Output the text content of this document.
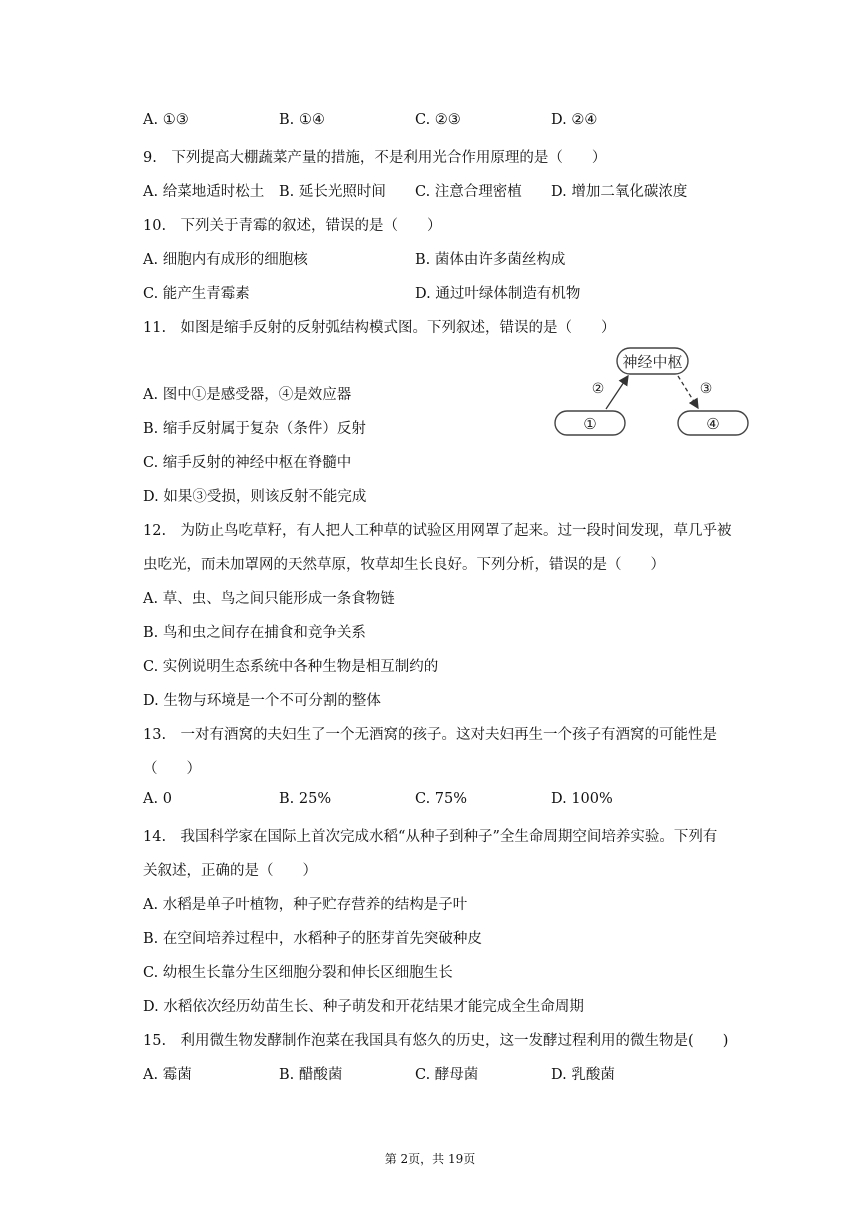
A. ①③	B. ①④	C. ②③	D. ②④
9.　下列提高大棚蔬菜产量的措施，不是利用光合作用原理的是（　　）
A. 给菜地适时松土 B. 延长光照时间 C. 注意合理密植 D. 增加二氧化碳浓度
10.　下列关于青霉的叙述，错误的是（　　）
A. 细胞内有成形的细胞核	B. 菌体由许多菌丝构成
C. 能产生青霉素	D. 通过叶绿体制造有机物
11.　如图是缩手反射的反射弧结构模式图。下列叙述，错误的是（　　）
A. 图中①是感受器，④是效应器
B. 缩手反射属于复杂（条件）反射
C. 缩手反射的神经中枢在脊髓中
D. 如果③受损，则该反射不能完成
神经中枢
①	④
②	③
12.　为防止鸟吃草籽，有人把人工种草的试验区用网罩了起来。过一段时间发现，草几乎被
虫吃光，而未加罩网的天然草原，牧草却生长良好。下列分析，错误的是（　　）
A. 草、虫、鸟之间只能形成一条食物链
B. 鸟和虫之间存在捕食和竞争关系
C. 实例说明生态系统中各种生物是相互制约的
D. 生物与环境是一个不可分割的整体
13.　一对有酒窝的夫妇生了一个无酒窝的孩子。这对夫妇再生一个孩子有酒窝的可能性是
（　　）
A. 0	B. 25%	C. 75%	D. 100%
14.　我国科学家在国际上首次完成水稻“从种子到种子”全生命周期空间培养实验。下列有
关叙述，正确的是（　　）
A. 水稻是单子叶植物，种子贮存营养的结构是子叶
B. 在空间培养过程中，水稻种子的胚芽首先突破种皮
C. 幼根生长靠分生区细胞分裂和伸长区细胞生长
D. 水稻依次经历幼苗生长、种子萌发和开花结果才能完成全生命周期
15.　利用微生物发酵制作泡菜在我国具有悠久的历史，这一发酵过程利用的微生物是(　　)
A. 霉菌	B. 醋酸菌	C. 酵母菌	D. 乳酸菌
第 2页，共 19页
